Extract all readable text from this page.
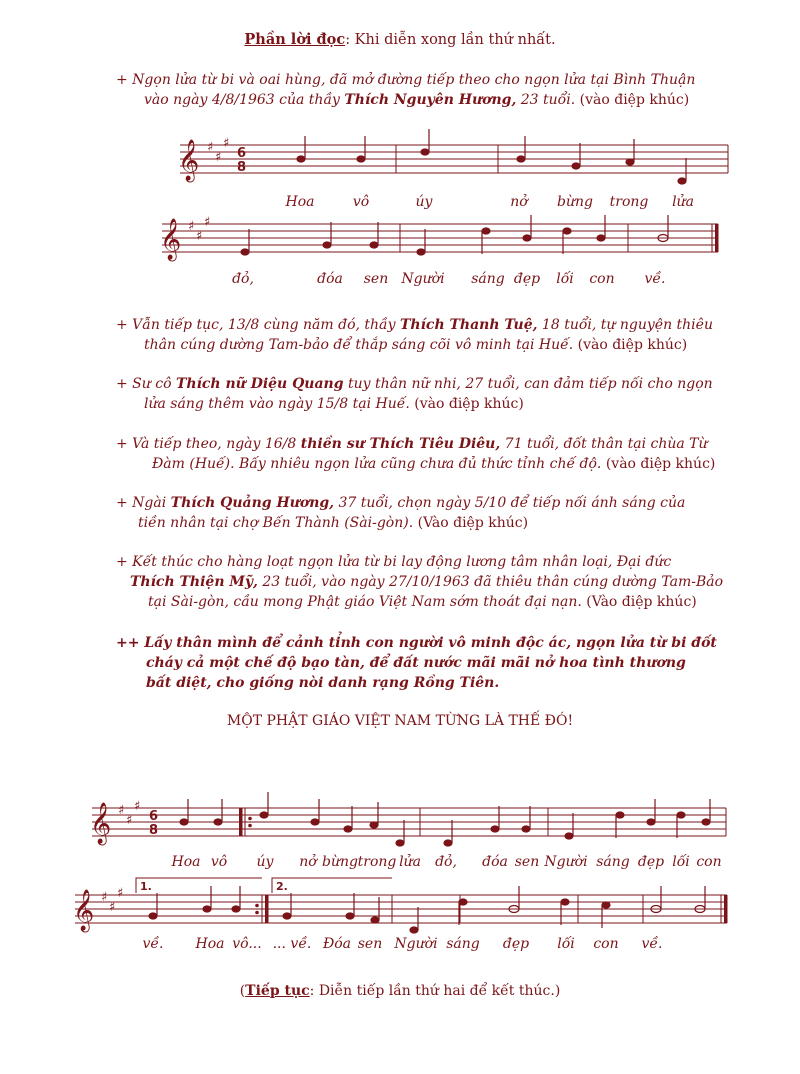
Phần lời đọc: Khi diễn xong lần thứ nhất.
+ Ngọn lửa từ bi và oai hùng, đã mở đường tiếp theo cho ngọn lửa tại Bình Thuận
vào ngày 4/8/1963 của thầy Thích Nguyên Hương, 23 tuổi. (vào điệp khúc)
𝄞 ♯
♯
♯
6
8
Hoa	vô	úy	nở bừng trong lửa
𝄞 ♯
♯
♯
đỏ,	đóa sen Người sáng đẹp lối con về.
+ Vẫn tiếp tục, 13/8 cùng năm đó, thầy Thích Thanh Tuệ, 18 tuổi, tự nguyện thiêu
thân cúng dường Tam-bảo để thắp sáng cõi vô minh tại Huế. (vào điệp khúc)
+ Sư cô Thích nữ Diệu Quang tuy thân nữ nhi, 27 tuổi, can đảm tiếp nối cho ngọn
lửa sáng thêm vào ngày 15/8 tại Huế. (vào điệp khúc)
+ Và tiếp theo, ngày 16/8 thiền sư Thích Tiêu Diêu, 71 tuổi, đốt thân tại chùa Từ
Đàm (Huế). Bấy nhiêu ngọn lửa cũng chưa đủ thức tỉnh chế độ. (vào điệp khúc)
+ Ngài Thích Quảng Hương, 37 tuổi, chọn ngày 5/10 để tiếp nối ánh sáng của
tiền nhân tại chợ Bến Thành (Sài-gòn). (Vào điệp khúc)
+ Kết thúc cho hàng loạt ngọn lửa từ bi lay động lương tâm nhân loại, Đại đức
Thích Thiện Mỹ, 23 tuổi, vào ngày 27/10/1963 đã thiêu thân cúng dường Tam-Bảo
tại Sài-gòn, cầu mong Phật giáo Việt Nam sớm thoát đại nạn. (Vào điệp khúc)
++ Lấy thân mình để cảnh tỉnh con người vô minh độc ác, ngọn lửa từ bi đốt
cháy cả một chế độ bạo tàn, để đất nước mãi mãi nở hoa tình thương
bất diệt, cho giống nòi danh rạng Rồng Tiên.
MỘT PHẬT GIÁO VIỆT NAM TỪNG LÀ THẾ ĐÓ!
𝄞 ♯
♯
♯
6
8
Hoa vô úy nở bừng trong lửa đỏ, đóa sen Người sáng đẹp lối con
1.	2.
𝄞 ♯
♯
♯
về. Hoa vô... ... về. Đóa sen Người sáng đẹp lối con về.
(Tiếp tục: Diễn tiếp lần thứ hai để kết thúc.)
